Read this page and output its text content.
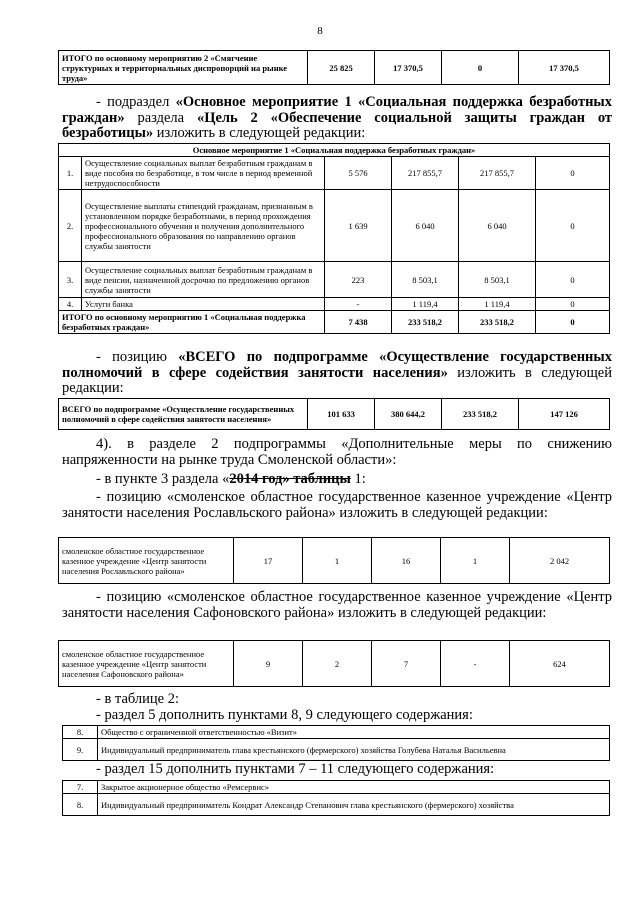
8
ИТОГО по основному мероприятию 2 «Смягчение структурных и территориальных диспропорций на рынке труда»	25 825	17 370,5	0	17 370,5
- подраздел «Основное мероприятие 1 «Социальная поддержка безработных граждан» раздела «Цель 2 «Обеспечение социальной защиты граждан от безработицы» изложить в следующей редакции:
Основное мероприятие 1 «Социальная поддержка безработных граждан»					
1.	Осуществление социальных выплат безработным гражданам в виде пособия по безработице, в том числе в период временной нетрудоспособности	5 576	217 855,7	217 855,7	0
2.	Осуществление выплаты стипендий гражданам, признанным в установленном порядке безработными, в период прохождения профессионального обучения и получения дополнительного профессионального образования по направлению органов службы занятости	1 639	6 040	6 040	0
3.	Осуществление социальных выплат безработным гражданам в виде пенсии, назначенной досрочно по предложению органов службы занятости	223	8 503,1	8 503,1	0
4.	Услуги банка	-	1 119,4	1 119,4	0
ИТОГО по основному мероприятию 1 «Социальная поддержка безработных граждан»		7 438	233 518,2	233 518,2	0
- позицию «ВСЕГО по подпрограмме «Осуществление государственных полномочий в сфере содействия занятости населения» изложить в следующей редакции:
ВСЕГО по подпрограмме «Осуществление государственных полномочий в сфере содействия занятости населения»	101 633	380 644,2	233 518,2	147 126
4). в разделе 2 подпрограммы «Дополнительные меры по снижению напряженности на рынке труда Смоленской области»:
- в пункте 3 раздела «2014 год» таблицы 1:
- позицию «смоленское областное государственное казенное учреждение «Центр занятости населения Рославльского района» изложить в следующей редакции:
смоленское областное государственное казенное учреждение «Центр занятости населения Рославльского района»	17	1	16	1	2 042
- позицию «смоленское областное государственное казенное учреждение «Центр занятости населения Сафоновского района» изложить в следующей редакции:
смоленское областное государственное казенное учреждение «Центр занятости населения Сафоновского района»	9	2	7	-	624
- в таблице 2:
- раздел 5 дополнить пунктами 8, 9 следующего содержания:
8.	Общество с ограниченной ответственностью «Визит»
9.	Индивидуальный предприниматель глава крестьянского (фермерского) хозяйства Голубева Наталья Васильевна
- раздел 15 дополнить пунктами 7 – 11 следующего содержания:
7.	Закрытое акционерное общество «Ремсервис»
8.	Индивидуальный предприниматель Кондрат Александр Степанович глава крестьянского (фермерского) хозяйства
